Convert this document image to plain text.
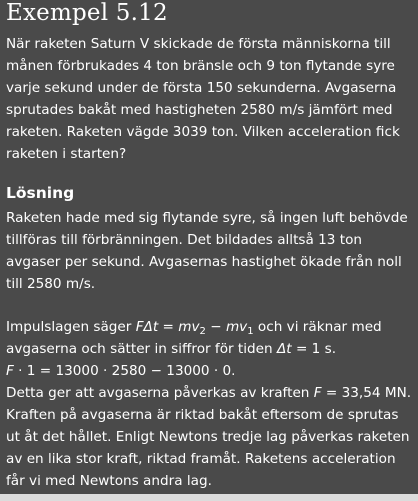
Exempel 5.12

När raketen Saturn V skickade de första människorna till månen förbrukades 4 ton bränsle och 9 ton flytande syre varje sekund under de första 150 sekunderna. Avgaserna sprutades bakåt med hastigheten 2580 m/s jämfört med raketen. Raketen vägde 3039 ton. Vilken acceleration fick raketen i starten?

Lösning

Raketen hade med sig flytande syre, så ingen luft behövde tillföras till förbränningen. Det bildades alltså 13 ton avgaser per sekund. Avgasernas hastighet ökade från noll till 2580 m/s.

Impulslagen säger $F\Delta t = mv_2 - mv_1$ och vi räknar med
avgaserna och sätter in siffror för tiden Δt = 1 s.
F · 1 = 13000 · 2580 − 13000 · 0.
Detta ger att avgaserna påverkas av kraften F = 33,54 MN.
Kraften på avgaserna är riktad bakåt eftersom de sprutas ut åt det hållet. Enligt Newtons tredje lag påverkas raketen av en lika stor kraft, riktad framåt. Raketens acceleration får vi med Newtons andra lag.
